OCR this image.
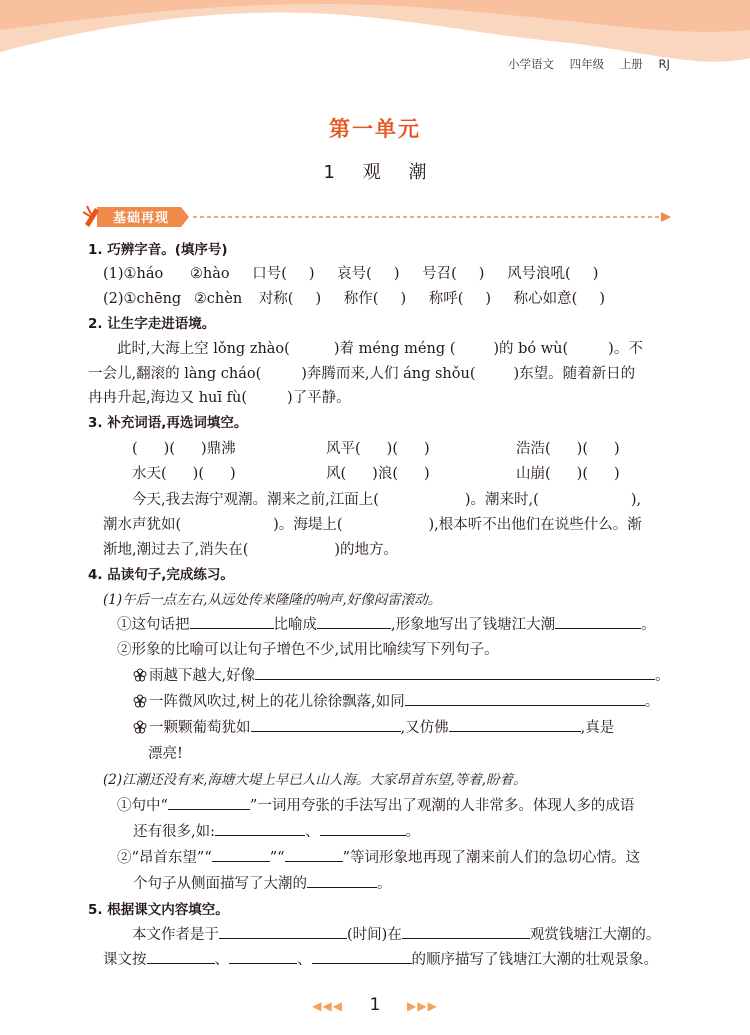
小学语文 四年级 上册 RJ
第一单元
1 观 潮
基础再现
1. 巧辨字音。(填序号)
(1)①háo ②hào 口号( ) 哀号( ) 号召( ) 风号浪吼( )
(2)①chēng ②chèn 对称( ) 称作( ) 称呼( ) 称心如意( )
2. 让生字走进语境。
此时,大海上空 lǒng zhào(	)着 méng méng (	)的 bó wù(	)。不
一会儿,翻滚的 làng cháo(	)奔腾而来,人们 áng shǒu(	)东望。随着新日的
冉冉升起,海边又 huī fù(	)了平静。
3. 补充词语,再选词填空。
( )( )鼎沸	风平( )( )	浩浩( )( )
水天( )( )	风( )浪( )	山崩( )( )
今天,我去海宁观潮。潮来之前,江面上(	)。潮来时,(	),
潮水声犹如(	)。海堤上(	),根本听不出他们在说些什么。渐
渐地,潮过去了,消失在(	)的地方。
4. 品读句子,完成练习。
(1)午后一点左右,从远处传来隆隆的响声,好像闷雷滚动。
①这句话把	比喻成	,形象地写出了钱塘江大潮	。
②形象的比喻可以让句子增色不少,试用比喻续写下列句子。
雨越下越大,好像	。
一阵微风吹过,树上的花儿徐徐飘落,如同	。
一颗颗葡萄犹如	,又仿佛	,真是
漂亮!
(2)江潮还没有来,海塘大堤上早已人山人海。大家昂首东望,等着,盼着。
①句中“	”一词用夸张的手法写出了观潮的人非常多。体现人多的成语
还有很多,如:	、	。
②“昂首东望”“	”“	”等词形象地再现了潮来前人们的急切心情。这
个句子从侧面描写了大潮的	。
5. 根据课文内容填空。
本文作者是于	(时间)在	观赏钱塘江大潮的。
课文按	、	、	的顺序描写了钱塘江大潮的壮观景象。
◀◀◀ 1 ▶▶▶
